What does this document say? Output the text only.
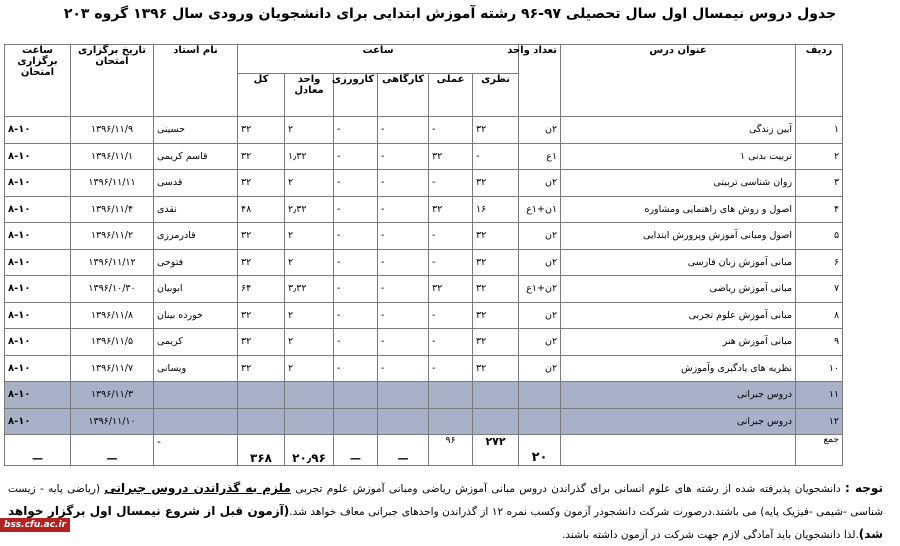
جدول دروس نیمسال اول سال تحصیلی ۹۷-۹۶ رشته آموزش ابتدایی برای دانشجویان ورودی سال ۱۳۹۶ گروه ۲۰۳
ردیف	عنوان درس	تعداد واحد	ساعت						نام استاد	تاریخ برگزاری امتحان	ساعت برگزاری امتحان
			نظری	عملی	کارگاهی	کارورزی	واحد معادل	کل			
۱	آیین زندگی	۲ن	۳۲	-	-	-	۲	۳۲	حسینی	۱۳۹۶/۱۱/۹	۸-۱۰
۲	تربیت بدنی ۱	۱ع	-	۳۲	-	-	۱٫۳۲	۳۲	قاسم کریمی	۱۳۹۶/۱۱/۱	۸-۱۰
۳	روان شناسی تربیتی	۲ن	۳۲	-	-	-	۲	۳۲	قدسی	۱۳۹۶/۱۱/۱۱	۸-۱۰
۴	اصول و روش های راهنمایی ومشاوره	۱ن+۱ع	۱۶	۳۲	-	-	۲٫۳۲	۴۸	نقدی	۱۳۹۶/۱۱/۴	۸-۱۰
۵	اصول ومبانی آموزش وپرورش ابتدایی	۲ن	۳۲	-	-	-	۲	۳۲	قادرمرزی	۱۳۹۶/۱۱/۲	۸-۱۰
۶	مبانی آموزش زبان فارسی	۲ن	۳۲	-	-	-	۲	۳۲	فتوحی	۱۳۹۶/۱۱/۱۲	۸-۱۰
۷	مبانی آموزش ریاضی	۲ن+۱ع	۳۲	۳۲	-	-	۳٫۳۲	۶۴	ابوبیان	۱۳۹۶/۱۰/۳۰	۸-۱۰
۸	مبانی آموزش علوم تجربی	۲ن	۳۲	-	-	-	۲	۳۲	خورده بینان	۱۳۹۶/۱۱/۸	۸-۱۰
۹	مبانی آموزش هنر	۲ن	۳۲	-	-	-	۲	۳۲	کریمی	۱۳۹۶/۱۱/۵	۸-۱۰
۱۰	نظریه های یادگیری وآموزش	۲ن	۳۲	-	-	-	۲	۳۲	ویسانی	۱۳۹۶/۱۱/۷	۸-۱۰
۱۱	دروس جبرانی									۱۳۹۶/۱۱/۳	۸-۱۰
۱۲	دروس جبرانی									۱۳۹۶/۱۱/۱۰	۸-۱۰
جمع		۲۰	۲۷۲	۹۶	—	—	۲۰٫۹۶	۳۶۸	-	—	—
توجه : دانشجویان پذیرفته شده از رشته های علوم انسانی برای گذراندن دروس مبانی آموزش ریاضی ومبانی آموزش علوم تجربی ملزم به گذراندن دروس جبرانی (ریاضی پایه - زیست شناسی -شیمی -فیزیک پایه) می باشند.درصورت شرکت دانشجودر آزمون وکسب نمره ۱۲ از گذراندن واحدهای جبرانی معاف خواهد شد.(آزمون قبل از شروع نیمسال اول برگزار خواهد شد).لذا دانشجویان باید آمادگی لازم جهت شرکت در آزمون داشته باشند.
bss.cfu.ac.ir
